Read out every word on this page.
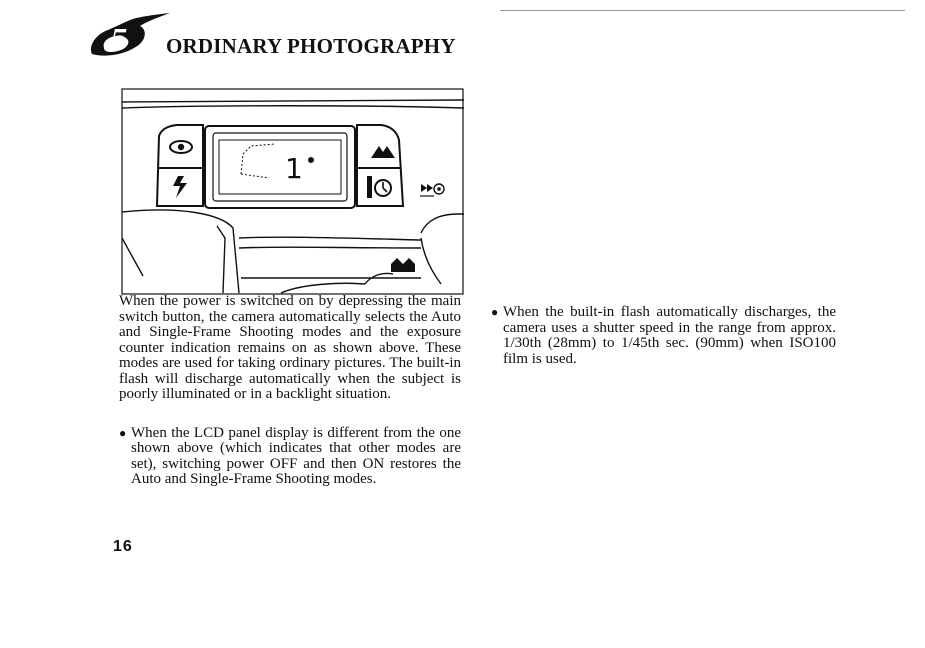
5 ORDINARY PHOTOGRAPHY
1

When the power is switched on by depressing the main switch button, the camera automatically selects the Auto and Single-Frame Shooting modes and the exposure counter indication remains on as shown above. These modes are used for taking ordinary pictures. The built-in flash will discharge automatically when the subject is poorly illuminated or in a backlight situation.

● When the LCD panel display is different from the one shown above (which indicates that other modes are set), switching power OFF and then ON restores the Auto and Single-Frame Shooting modes.
● When the built-in flash automatically discharges, the camera uses a shutter speed in the range from approx. 1/30th (28mm) to 1/45th sec. (90mm) when ISO100 film is used.
16
